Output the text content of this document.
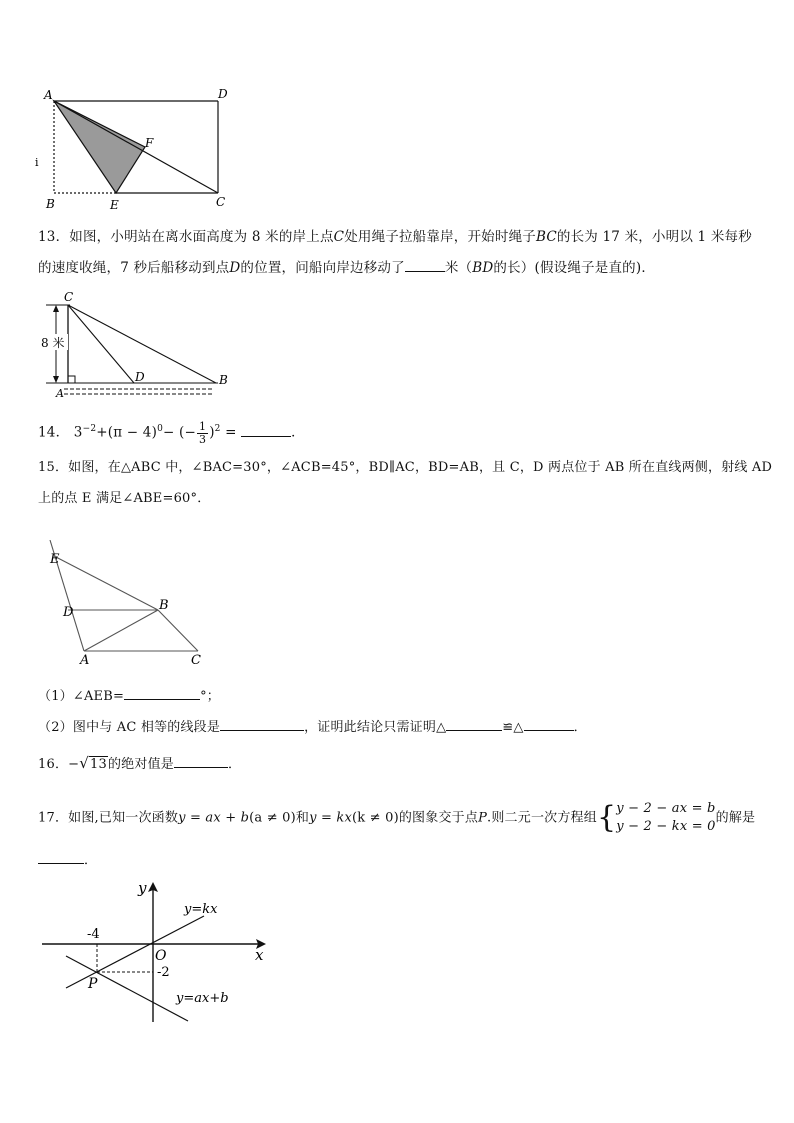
A	D
F
B	E	C
i
13．如图，小明站在离水面高度为 8 米的岸上点C处用绳子拉船靠岸，开始时绳子BC的长为 17 米，小明以 1 米每秒
的速度收绳，7 秒后船移动到点D的位置，问船向岸边移动了	米（BD的长）(假设绳子是直的)．
8 米
C
A
D	B
14． $3^{-2}+(\pi - 4)^0-$ (− $\frac{1}{3} )^2$ =	．
15．如图，在△ABC 中，∠BAC=30°，∠ACB=45°，BD∥AC，BD=AB，且 C，D 两点位于 AB 所在直线两侧，射线 AD
上的点 E 满足∠ABE=60°．
E
D	B
A	C
（1）∠AEB=	°；
（2）图中与 AC 相等的线段是	，证明此结论只需证明△	≌△	．
16．−√13的绝对值是	．
17．如图,已知一次函数y = ax + b(a ≠ 0)和y = kx(k ≠ 0)的图象交于点P.则二元一次方程组{ y − 2 − ax = b
y − 2 − kx = 0
的解是
．
y
x
O
P
-4
-2
y=kx
y=ax+b
